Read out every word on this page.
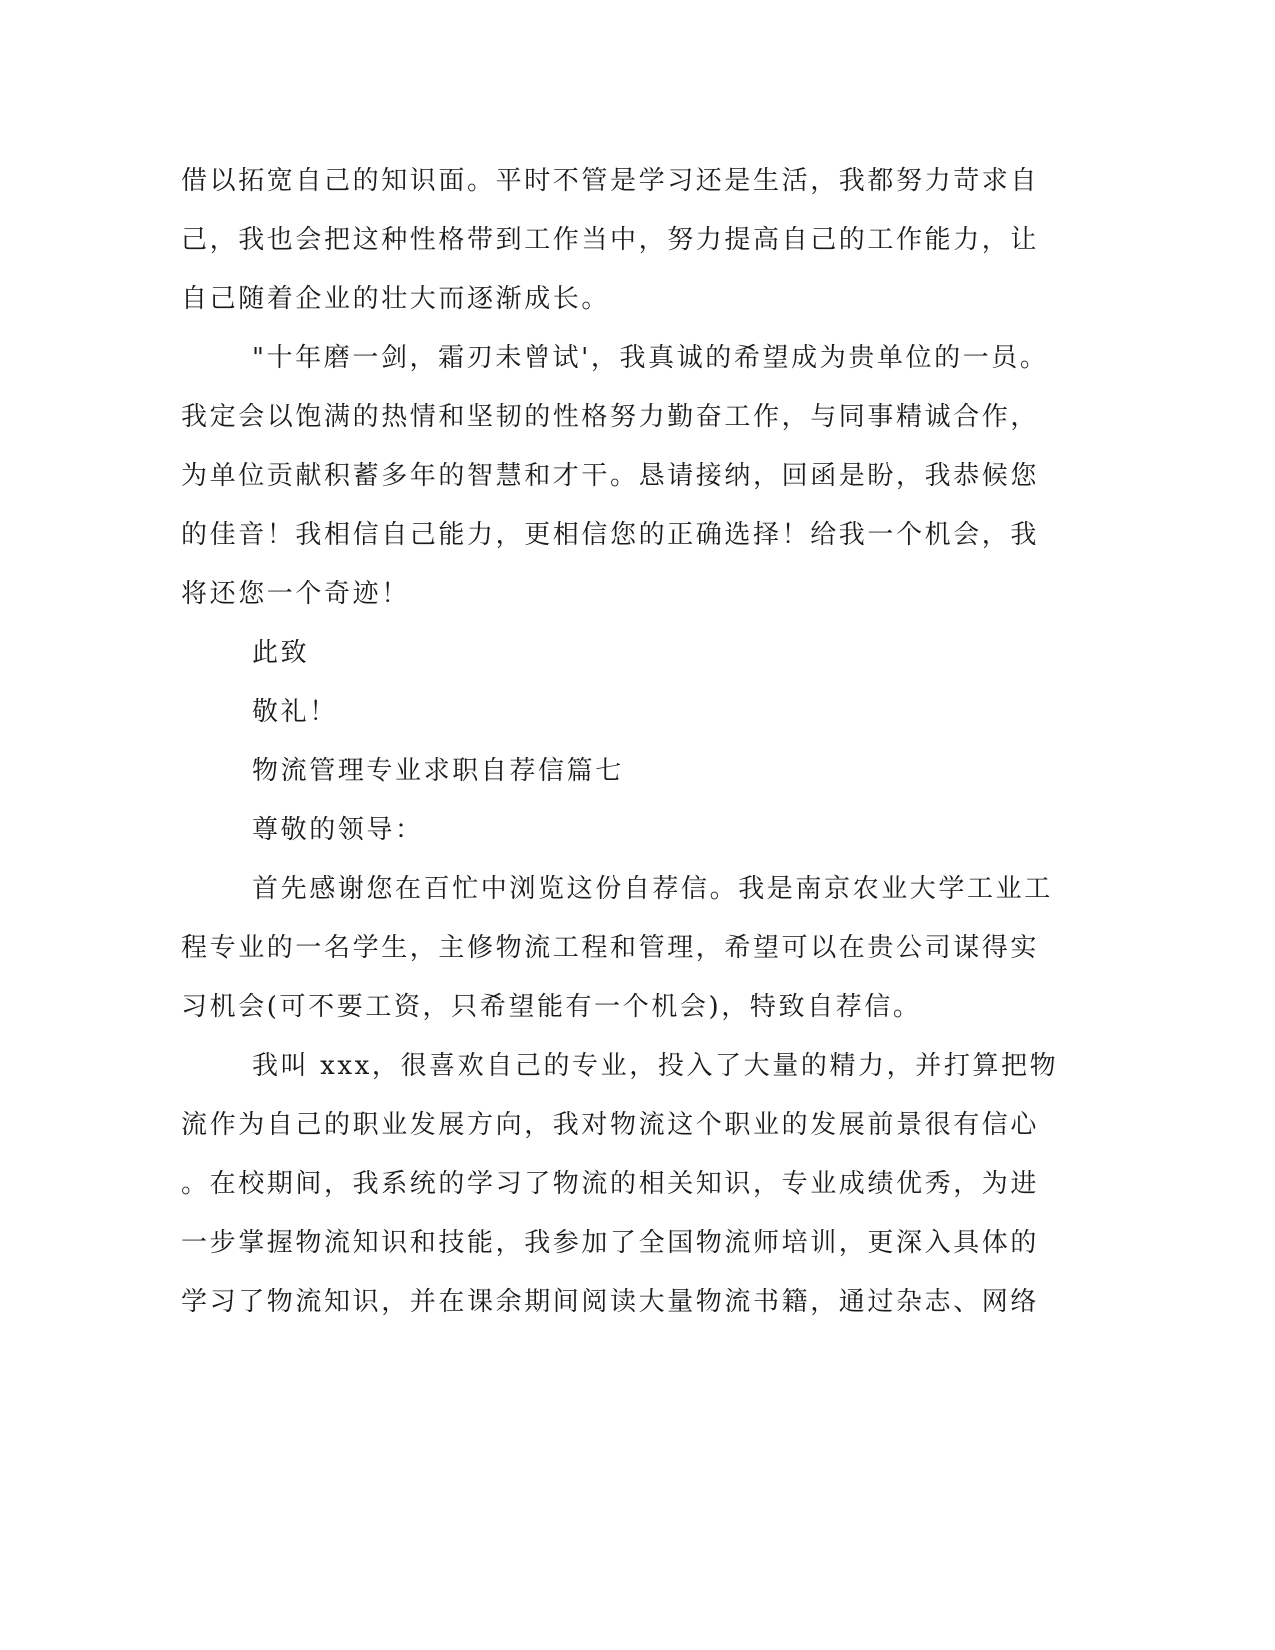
借以拓宽自己的知识面。平时不管是学习还是生活，我都努力苛求自
己，我也会把这种性格带到工作当中，努力提高自己的工作能力，让
自己随着企业的壮大而逐渐成长。
"十年磨一剑，霜刃未曾试'，我真诚的希望成为贵单位的一员。
我定会以饱满的热情和坚韧的性格努力勤奋工作，与同事精诚合作，
为单位贡献积蓄多年的智慧和才干。恳请接纳，回函是盼，我恭候您
的佳音！我相信自己能力，更相信您的正确选择！给我一个机会，我
将还您一个奇迹！
此致
敬礼！
物流管理专业求职自荐信篇七
尊敬的领导：
首先感谢您在百忙中浏览这份自荐信。我是南京农业大学工业工
程专业的一名学生，主修物流工程和管理，希望可以在贵公司谋得实
习机会(可不要工资，只希望能有一个机会)，特致自荐信。
我叫 xxx，很喜欢自己的专业，投入了大量的精力，并打算把物
流作为自己的职业发展方向，我对物流这个职业的发展前景很有信心
。在校期间，我系统的学习了物流的相关知识，专业成绩优秀，为进
一步掌握物流知识和技能，我参加了全国物流师培训，更深入具体的
学习了物流知识，并在课余期间阅读大量物流书籍，通过杂志、网络
